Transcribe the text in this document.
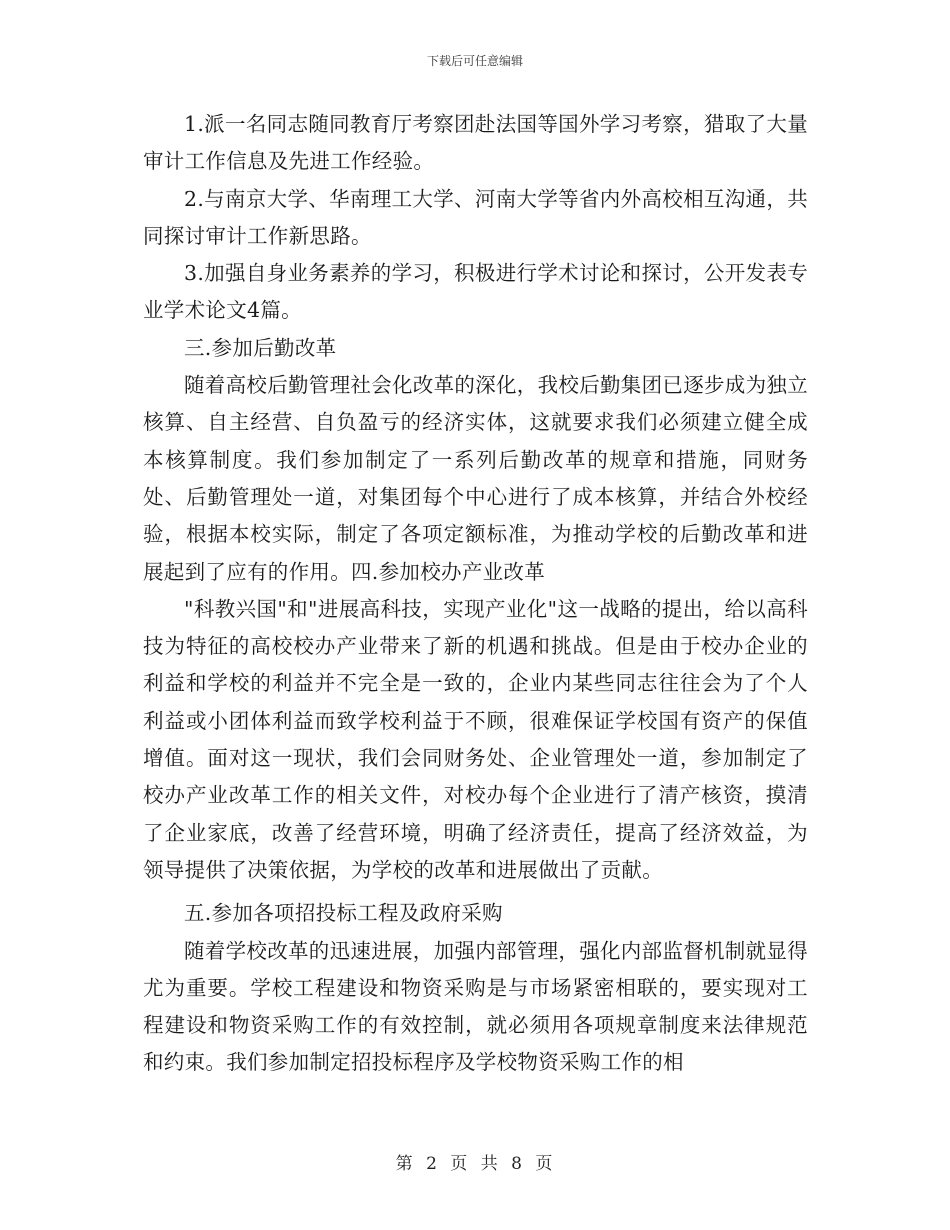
下载后可任意编辑

1.派一名同志随同教育厅考察团赴法国等国外学习考察，猎取了大量审计工作信息及先进工作经验。

2.与南京大学、华南理工大学、河南大学等省内外高校相互沟通，共同探讨审计工作新思路。

3.加强自身业务素养的学习，积极进行学术讨论和探讨，公开发表专业学术论文4篇。

三.参加后勤改革

随着高校后勤管理社会化改革的深化，我校后勤集团已逐步成为独立核算、自主经营、自负盈亏的经济实体，这就要求我们必须建立健全成本核算制度。我们参加制定了一系列后勤改革的规章和措施，同财务处、后勤管理处一道，对集团每个中心进行了成本核算，并结合外校经验，根据本校实际，制定了各项定额标准，为推动学校的后勤改革和进展起到了应有的作用。四.参加校办产业改革

"科教兴国"和"进展高科技，实现产业化"这一战略的提出，给以高科技为特征的高校校办产业带来了新的机遇和挑战。但是由于校办企业的利益和学校的利益并不完全是一致的，企业内某些同志往往会为了个人利益或小团体利益而致学校利益于不顾，很难保证学校国有资产的保值增值。面对这一现状，我们会同财务处、企业管理处一道，参加制定了校办产业改革工作的相关文件，对校办每个企业进行了清产核资，摸清了企业家底，改善了经营环境，明确了经济责任，提高了经济效益，为领导提供了决策依据，为学校的改革和进展做出了贡献。

五.参加各项招投标工程及政府采购

随着学校改革的迅速进展，加强内部管理，强化内部监督机制就显得尤为重要。学校工程建设和物资采购是与市场紧密相联的，要实现对工程建设和物资采购工作的有效控制，就必须用各项规章制度来法律规范和约束。我们参加制定招投标程序及学校物资采购工作的相

第 2 页 共 8 页
